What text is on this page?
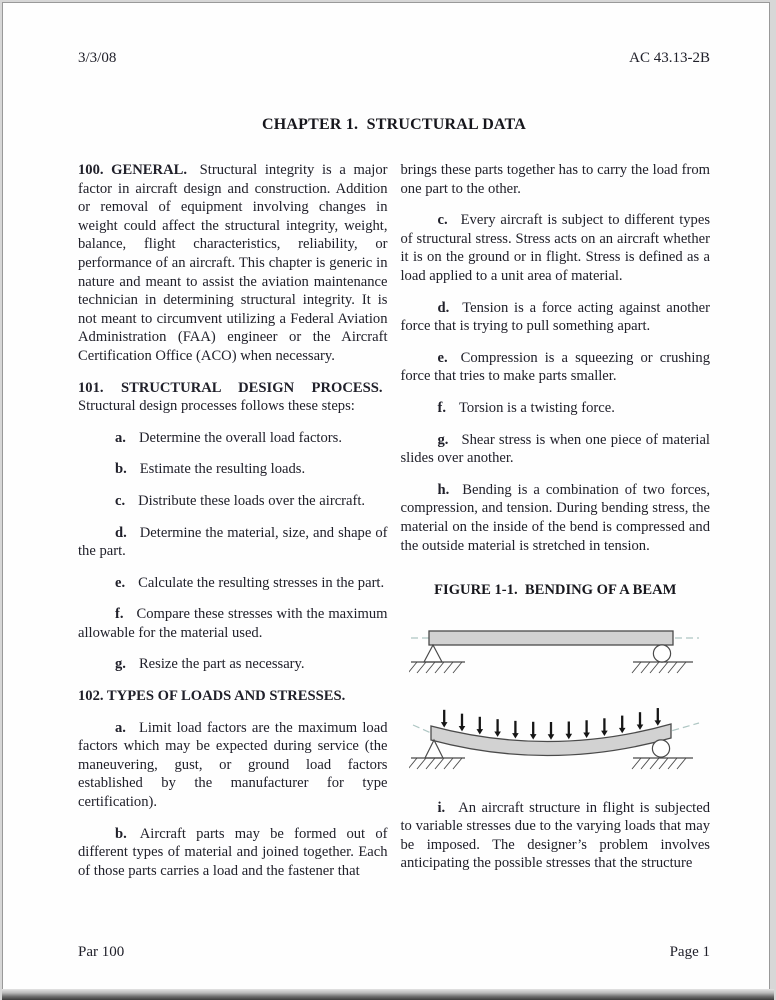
3/3/08	AC 43.13-2B
CHAPTER 1.  STRUCTURAL DATA

100. GENERAL. Structural integrity is a major factor in aircraft design and construction. Addition or removal of equipment involving changes in weight could affect the structural integrity, weight, balance, flight characteristics, reliability, or performance of an aircraft. This chapter is generic in nature and meant to assist the aviation maintenance technician in determining structural integrity. It is not meant to circumvent utilizing a Federal Aviation Administration (FAA) engineer or the Aircraft Certification Office (ACO) when necessary.

101. STRUCTURAL DESIGN PROCESS. Structural design processes follows these steps:

a. Determine the overall load factors.

b. Estimate the resulting loads.

c. Distribute these loads over the aircraft.

d. Determine the material, size, and shape of the part.

e. Calculate the resulting stresses in the part.

f. Compare these stresses with the maximum allowable for the material used.

g. Resize the part as necessary.

102. TYPES OF LOADS AND STRESSES.

a. Limit load factors are the maximum load factors which may be expected during service (the maneuvering, gust, or ground load factors established by the manufacturer for type certification).

b. Aircraft parts may be formed out of different types of material and joined together. Each of those parts carries a load and the fastener that

brings these parts together has to carry the load from one part to the other.

c. Every aircraft is subject to different types of structural stress. Stress acts on an aircraft whether it is on the ground or in flight. Stress is defined as a load applied to a unit area of material.

d. Tension is a force acting against another force that is trying to pull something apart.

e. Compression is a squeezing or crushing force that tries to make parts smaller.

f. Torsion is a twisting force.

g. Shear stress is when one piece of material slides over another.

h. Bending is a combination of two forces, compression, and tension. During bending stress, the material on the inside of the bend is compressed and the outside material is stretched in tension.

FIGURE 1-1.  BENDING OF A BEAM

i. An aircraft structure in flight is subjected to variable stresses due to the varying loads that may be imposed. The designer’s problem involves anticipating the possible stresses that the structure

Par 100	Page 1
